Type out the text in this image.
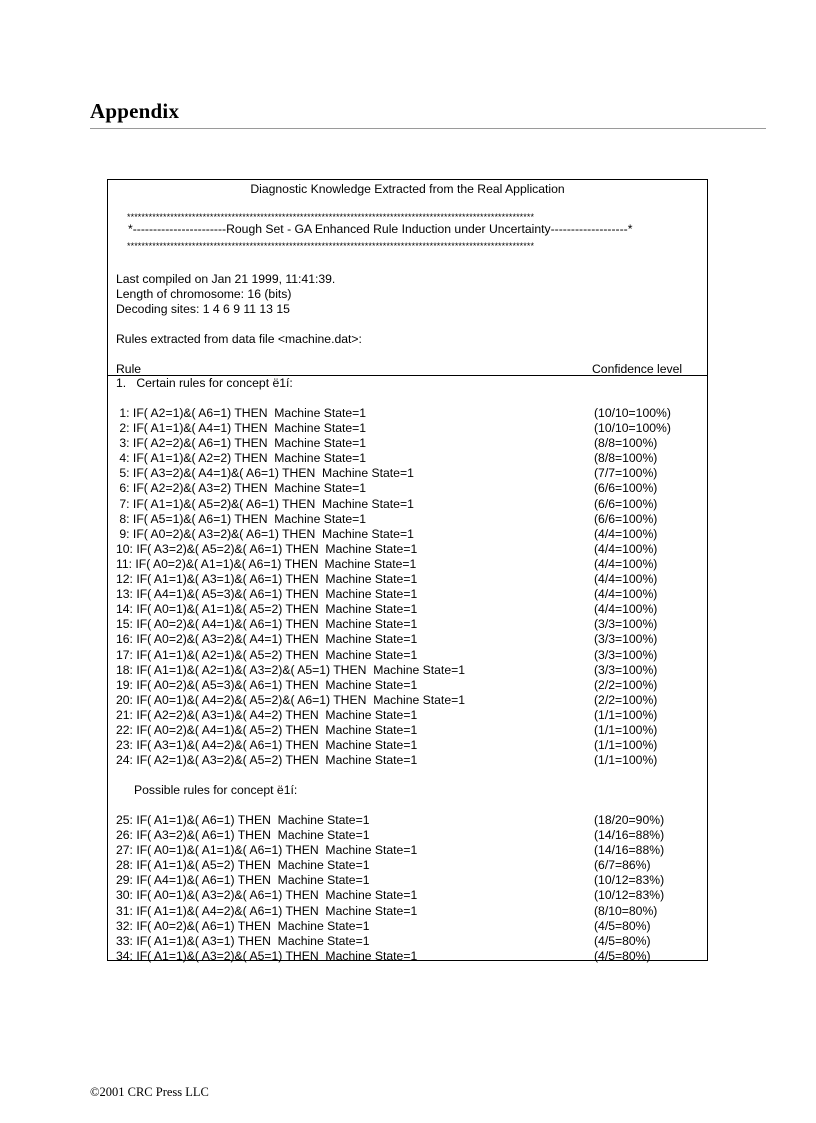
Appendix
Diagnostic Knowledge Extracted from the Real Application
*****************************************************************************************************************
*-----------------------Rough Set - GA Enhanced Rule Induction under Uncertainty-------------------*
*****************************************************************************************************************
Last compiled on Jan 21 1999, 11:41:39.
Length of chromosome: 16 (bits)
Decoding sites: 1 4 6 9 11 13 15
Rules extracted from data file <machine.dat>:
Rule	Confidence level
1.   Certain rules for concept ë1í:
1: IF( A2=1)&( A6=1) THEN  Machine State=1	(10/10=100%)
2: IF( A1=1)&( A4=1) THEN  Machine State=1	(10/10=100%)
3: IF( A2=2)&( A6=1) THEN  Machine State=1	(8/8=100%)
4: IF( A1=1)&( A2=2) THEN  Machine State=1	(8/8=100%)
5: IF( A3=2)&( A4=1)&( A6=1) THEN  Machine State=1	(7/7=100%)
6: IF( A2=2)&( A3=2) THEN  Machine State=1	(6/6=100%)
7: IF( A1=1)&( A5=2)&( A6=1) THEN  Machine State=1	(6/6=100%)
8: IF( A5=1)&( A6=1) THEN  Machine State=1	(6/6=100%)
9: IF( A0=2)&( A3=2)&( A6=1) THEN  Machine State=1	(4/4=100%)
10: IF( A3=2)&( A5=2)&( A6=1) THEN  Machine State=1	(4/4=100%)
11: IF( A0=2)&( A1=1)&( A6=1) THEN  Machine State=1	(4/4=100%)
12: IF( A1=1)&( A3=1)&( A6=1) THEN  Machine State=1	(4/4=100%)
13: IF( A4=1)&( A5=3)&( A6=1) THEN  Machine State=1	(4/4=100%)
14: IF( A0=1)&( A1=1)&( A5=2) THEN  Machine State=1	(4/4=100%)
15: IF( A0=2)&( A4=1)&( A6=1) THEN  Machine State=1	(3/3=100%)
16: IF( A0=2)&( A3=2)&( A4=1) THEN  Machine State=1	(3/3=100%)
17: IF( A1=1)&( A2=1)&( A5=2) THEN  Machine State=1	(3/3=100%)
18: IF( A1=1)&( A2=1)&( A3=2)&( A5=1) THEN  Machine State=1	(3/3=100%)
19: IF( A0=2)&( A5=3)&( A6=1) THEN  Machine State=1	(2/2=100%)
20: IF( A0=1)&( A4=2)&( A5=2)&( A6=1) THEN  Machine State=1	(2/2=100%)
21: IF( A2=2)&( A3=1)&( A4=2) THEN  Machine State=1	(1/1=100%)
22: IF( A0=2)&( A4=1)&( A5=2) THEN  Machine State=1	(1/1=100%)
23: IF( A3=1)&( A4=2)&( A6=1) THEN  Machine State=1	(1/1=100%)
24: IF( A2=1)&( A3=2)&( A5=2) THEN  Machine State=1	(1/1=100%)
Possible rules for concept ë1í:
25: IF( A1=1)&( A6=1) THEN  Machine State=1	(18/20=90%)
26: IF( A3=2)&( A6=1) THEN  Machine State=1	(14/16=88%)
27: IF( A0=1)&( A1=1)&( A6=1) THEN  Machine State=1	(14/16=88%)
28: IF( A1=1)&( A5=2) THEN  Machine State=1	(6/7=86%)
29: IF( A4=1)&( A6=1) THEN  Machine State=1	(10/12=83%)
30: IF( A0=1)&( A3=2)&( A6=1) THEN  Machine State=1	(10/12=83%)
31: IF( A1=1)&( A4=2)&( A6=1) THEN  Machine State=1	(8/10=80%)
32: IF( A0=2)&( A6=1) THEN  Machine State=1	(4/5=80%)
33: IF( A1=1)&( A3=1) THEN  Machine State=1	(4/5=80%)
34: IF( A1=1)&( A3=2)&( A5=1) THEN  Machine State=1	(4/5=80%)
©2001 CRC Press LLC
